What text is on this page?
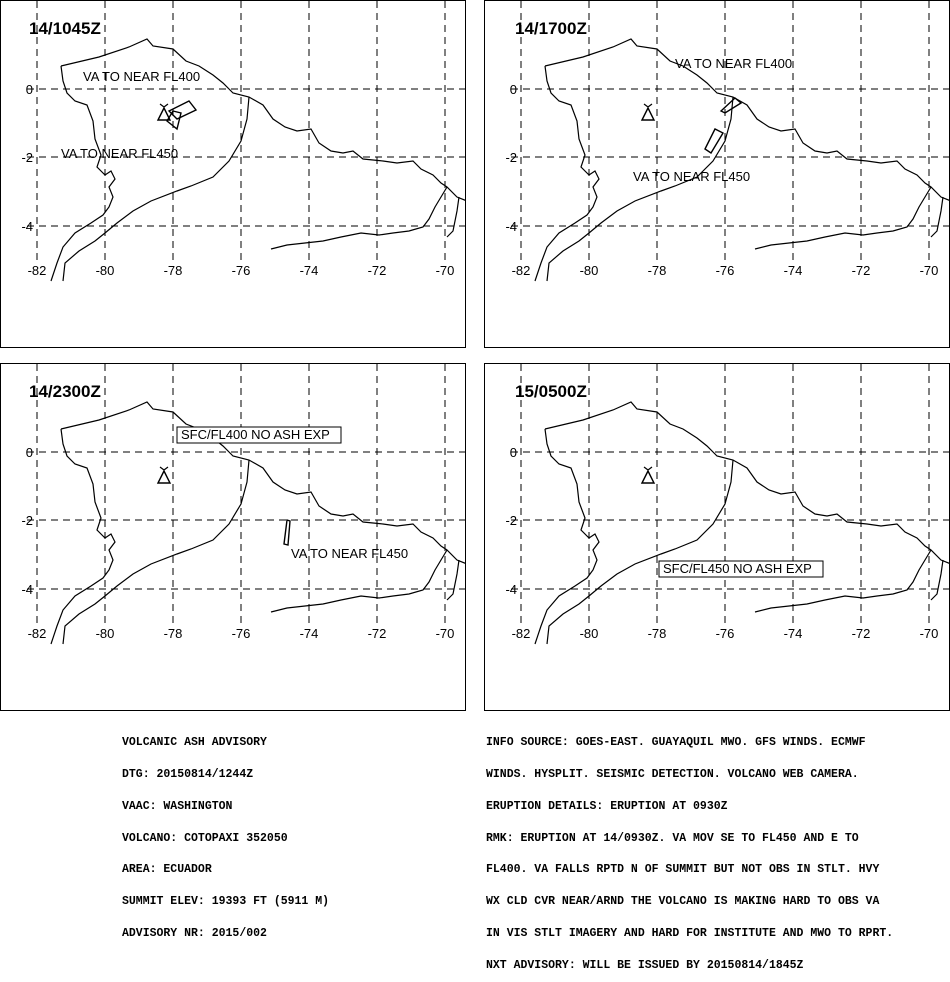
14/1045Z
-82	-80	-78	-76	-74	-72	-70
0
-2
-4
VA TO NEAR FL400
VA TO NEAR FL450
14/1700Z
-82	-80	-78	-76	-74	-72	-70
0
-2
-4
VA TO NEAR FL400
VA TO NEAR FL450
14/2300Z
-82	-80	-78	-76	-74	-72	-70
0
-2
-4
SFC/FL400 NO ASH EXP
VA TO NEAR FL450
15/0500Z
-82	-80	-78	-76	-74	-72	-70
0
-2
-4
SFC/FL450 NO ASH EXP

VOLCANIC ASH ADVISORY

DTG: 20150814/1244Z

VAAC: WASHINGTON

VOLCANO: COTOPAXI 352050

AREA: ECUADOR

SUMMIT ELEV: 19393 FT (5911 M)

ADVISORY NR: 2015/002

INFO SOURCE: GOES-EAST. GUAYAQUIL MWO. GFS WINDS. ECMWF

WINDS. HYSPLIT. SEISMIC DETECTION. VOLCANO WEB CAMERA.

ERUPTION DETAILS: ERUPTION AT 0930Z

RMK: ERUPTION AT 14/0930Z. VA MOV SE TO FL450 AND E TO

FL400. VA FALLS RPTD N OF SUMMIT BUT NOT OBS IN STLT. HVY

WX CLD CVR NEAR/ARND THE VOLCANO IS MAKING HARD TO OBS VA

IN VIS STLT IMAGERY AND HARD FOR INSTITUTE AND MWO TO RPRT.

NXT ADVISORY: WILL BE ISSUED BY 20150814/1845Z
